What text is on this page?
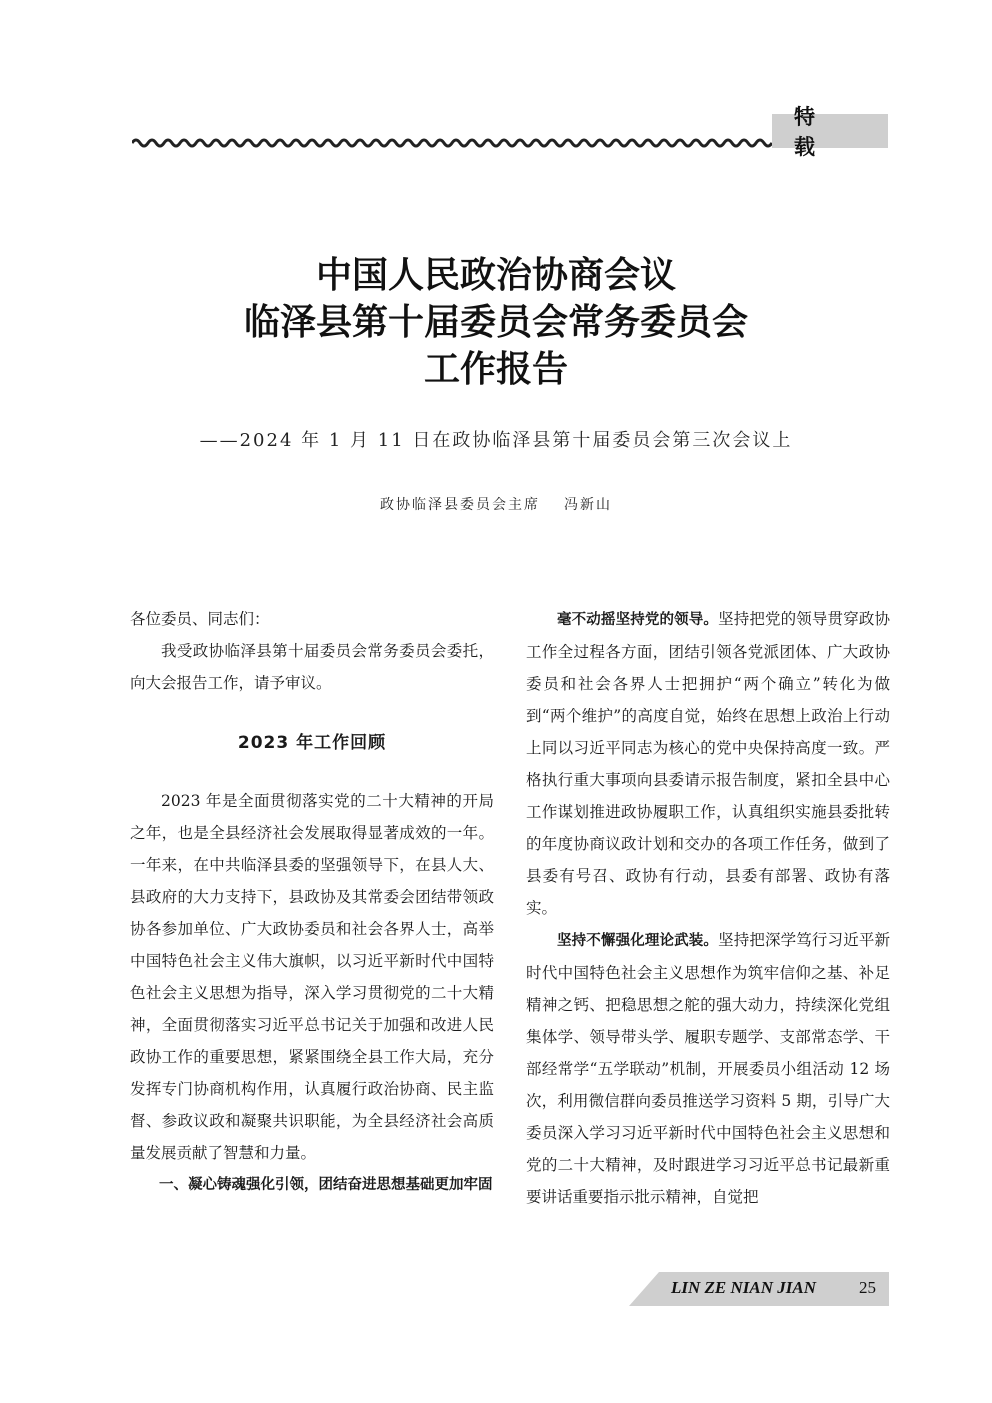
特 载
中国人民政治协商会议
临泽县第十届委员会常务委员会
工作报告
——2024 年 1 月 11 日在政协临泽县第十届委员会第三次会议上
政协临泽县委员会主席 冯新山

各位委员、同志们：

我受政协临泽县第十届委员会常务委员会委托，向大会报告工作，请予审议。

2023 年工作回顾

2023 年是全面贯彻落实党的二十大精神的开局之年，也是全县经济社会发展取得显著成效的一年。一年来，在中共临泽县委的坚强领导下，在县人大、县政府的大力支持下，县政协及其常委会团结带领政协各参加单位、广大政协委员和社会各界人士，高举中国特色社会主义伟大旗帜，以习近平新时代中国特色社会主义思想为指导，深入学习贯彻党的二十大精神，全面贯彻落实习近平总书记关于加强和改进人民政协工作的重要思想，紧紧围绕全县工作大局，充分发挥专门协商机构作用，认真履行政治协商、民主监督、参政议政和凝聚共识职能，为全县经济社会高质量发展贡献了智慧和力量。

一、凝心铸魂强化引领，团结奋进思想基础更加牢固

毫不动摇坚持党的领导。坚持把党的领导贯穿政协工作全过程各方面，团结引领各党派团体、广大政协委员和社会各界人士把拥护“两个确立”转化为做到“两个维护”的高度自觉，始终在思想上政治上行动上同以习近平同志为核心的党中央保持高度一致。严格执行重大事项向县委请示报告制度，紧扣全县中心工作谋划推进政协履职工作，认真组织实施县委批转的年度协商议政计划和交办的各项工作任务，做到了县委有号召、政协有行动，县委有部署、政协有落实。

坚持不懈强化理论武装。坚持把深学笃行习近平新时代中国特色社会主义思想作为筑牢信仰之基、补足精神之钙、把稳思想之舵的强大动力，持续深化党组集体学、领导带头学、履职专题学、支部常态学、干部经常学“五学联动”机制，开展委员小组活动 12 场次，利用微信群向委员推送学习资料 5 期，引导广大委员深入学习习近平新时代中国特色社会主义思想和党的二十大精神，及时跟进学习习近平总书记最新重要讲话重要指示批示精神，自觉把

LIN ZE NIAN JIAN	25
